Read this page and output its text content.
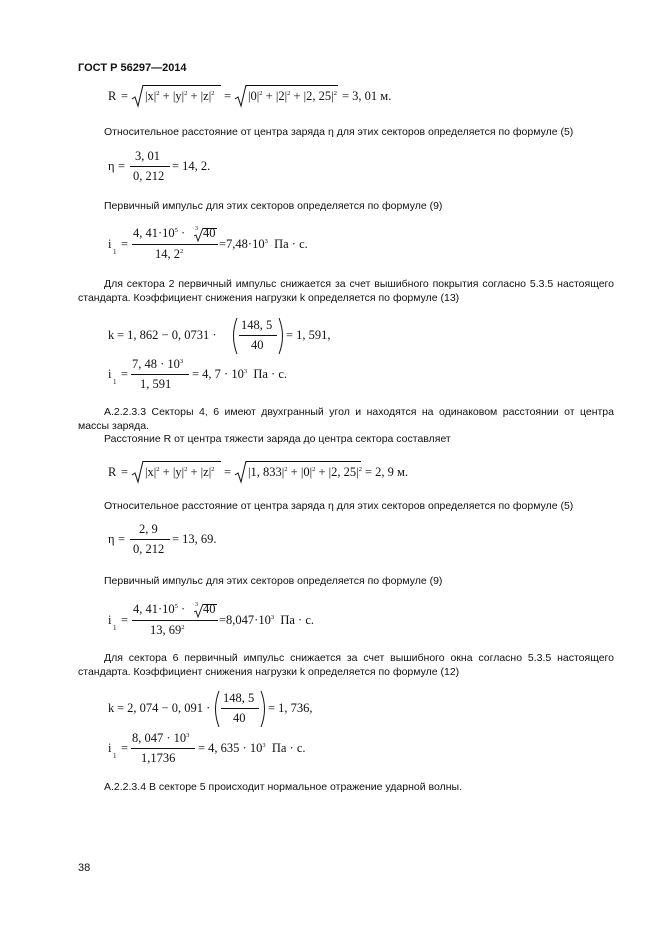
ГОСТ Р 56297—2014
$R = |x|^2 + |y|^2 + |z|^2 = |0|^2 + |2|^2 + |2$, $25|^2 = 3$, 01 м.
Относительное расстояние от центра заряда η для этих секторов определяется по формуле (5)
η =
3, 01
0, 212
= 14, 2.
Первичный импульс для этих секторов определяется по формуле (9)
i
1
=
4, $41\cdot 10^5 \cdot 3$ 40
14, $2^2$
$=7,48\cdot 10^3$ Па · с.
Для сектора 2 первичный импульс снижается за счет вышибного покрытия согласно 5.3.5 настоящего стандарта. Коэффициент снижения нагрузки k определяется по формуле (13)
k = 1, 862 − 0, 0731 ·
148, 5
40
= 1, 591,
i
1
=
7, $48 \cdot 10^3$
1, 591
= 4, $7 \cdot 10^3$ Па · с.
А.2.2.3.3 Секторы 4, 6 имеют двухгранный угол и находятся на одинаковом расстоянии от центра массы заряда.
Расстояние R от центра тяжести заряда до центра сектора составляет
$R = |x|^2 + |y|^2 + |z|^2 = |1$, $833|^2 + |0|^2 + |2$, $25|^2 = 2$, 9 м.
Относительное расстояние от центра заряда η для этих секторов определяется по формуле (5)
η =
2, 9
0, 212
= 13, 69.
Первичный импульс для этих секторов определяется по формуле (9)
i
1
=
4, $41\cdot 10^5 \cdot 3$ 40
13, $69^2$
$=8,047\cdot 10^3$ Па · с.
Для сектора 6 первичный импульс снижается за счет вышибного окна согласно 5.3.5 настоящего стандарта. Коэффициент снижения нагрузки k определяется по формуле (12)
k = 2, 074 − 0, 091 ·
148, 5
40
= 1, 736,
i
1
=
8, $047 \cdot 10^3$
1,1736
= 4, $635 \cdot 10^3$ Па · с.
А.2.2.3.4 В секторе 5 происходит нормальное отражение ударной волны.
38
